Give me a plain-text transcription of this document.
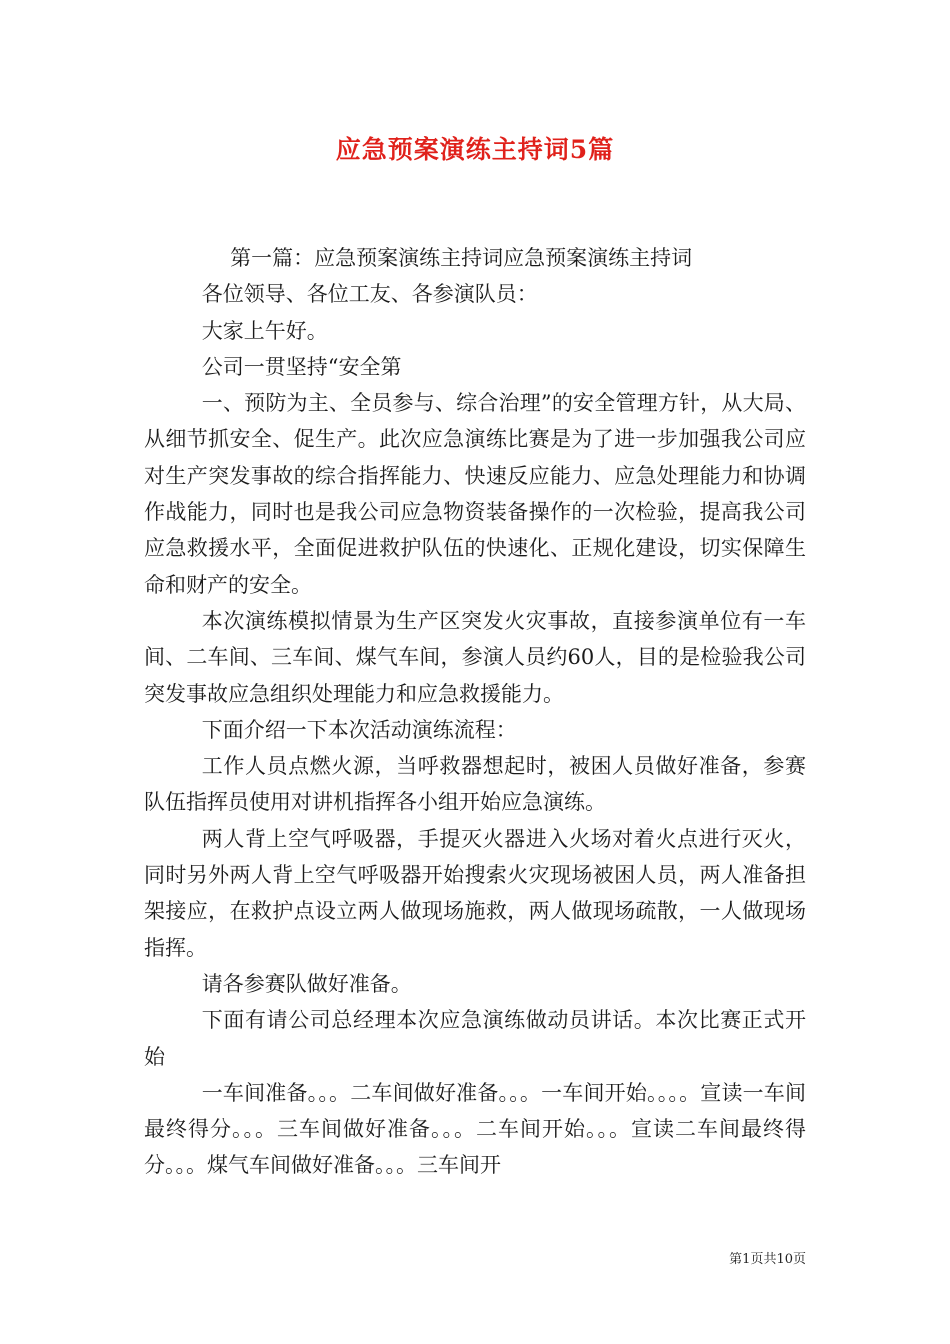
应急预案演练主持词5篇

第一篇：应急预案演练主持词应急预案演练主持词

各位领导、各位工友、各参演队员：

大家上午好。

公司一贯坚持“安全第

一、预防为主、全员参与、综合治理”的安全管理方针，从大局、从细节抓安全、促生产。此次应急演练比赛是为了进一步加强我公司应对生产突发事故的综合指挥能力、快速反应能力、应急处理能力和协调作战能力，同时也是我公司应急物资装备操作的一次检验，提高我公司应急救援水平，全面促进救护队伍的快速化、正规化建设，切实保障生命和财产的安全。

本次演练模拟情景为生产区突发火灾事故，直接参演单位有一车间、二车间、三车间、煤气车间，参演人员约60人，目的是检验我公司突发事故应急组织处理能力和应急救援能力。

下面介绍一下本次活动演练流程：

工作人员点燃火源，当呼救器想起时，被困人员做好准备，参赛队伍指挥员使用对讲机指挥各小组开始应急演练。

两人背上空气呼吸器，手提灭火器进入火场对着火点进行灭火，同时另外两人背上空气呼吸器开始搜索火灾现场被困人员，两人准备担架接应，在救护点设立两人做现场施救，两人做现场疏散，一人做现场指挥。

请各参赛队做好准备。

下面有请公司总经理本次应急演练做动员讲话。本次比赛正式开始

一车间准备。。。二车间做好准备。。。一车间开始。。。。宣读一车间最终得分。。。三车间做好准备。。。二车间开始。。。宣读二车间最终得分。。。煤气车间做好准备。。。三车间开

第1页共10页
